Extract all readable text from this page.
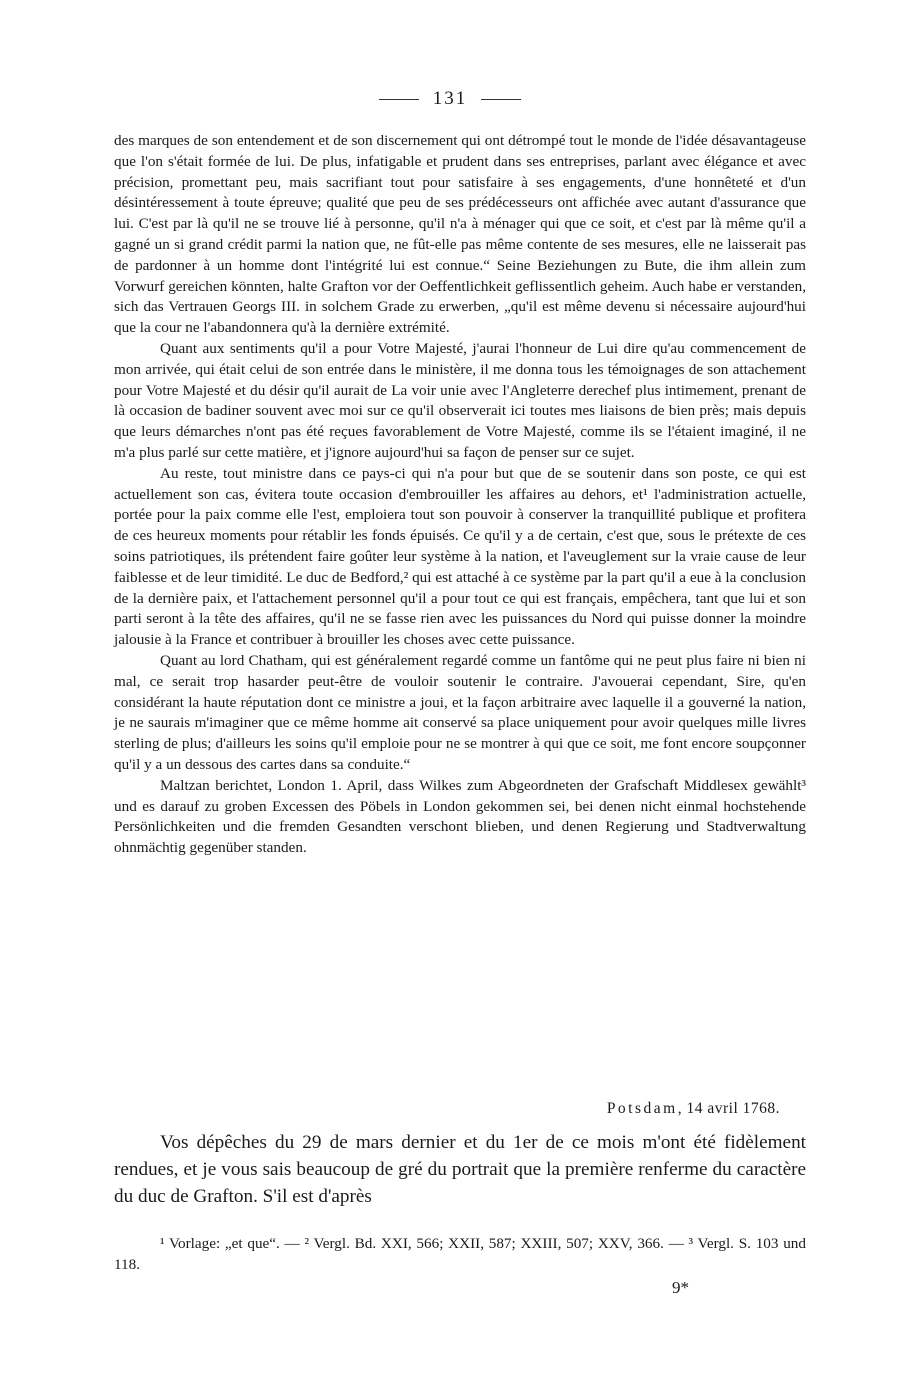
131

des marques de son entendement et de son discernement qui ont détrompé tout le monde de l'idée désavantageuse que l'on s'était formée de lui. De plus, infatigable et prudent dans ses entreprises, parlant avec élégance et avec précision, promettant peu, mais sacrifiant tout pour satisfaire à ses engagements, d'une honnêteté et d'un désintéressement à toute épreuve; qualité que peu de ses prédécesseurs ont affichée avec autant d'assurance que lui. C'est par là qu'il ne se trouve lié à personne, qu'il n'a à ménager qui que ce soit, et c'est par là même qu'il a gagné un si grand crédit parmi la nation que, ne fût-elle pas même contente de ses mesures, elle ne laisserait pas de pardonner à un homme dont l'intégrité lui est connue.“ Seine Beziehungen zu Bute, die ihm allein zum Vorwurf gereichen könnten, halte Grafton vor der Oeffentlichkeit geflissentlich geheim. Auch habe er verstanden, sich das Vertrauen Georgs III. in solchem Grade zu erwerben, „qu'il est même devenu si nécessaire aujourd'hui que la cour ne l'abandonnera qu'à la dernière extrémité.

Quant aux sentiments qu'il a pour Votre Majesté, j'aurai l'honneur de Lui dire qu'au commencement de mon arrivée, qui était celui de son entrée dans le ministère, il me donna tous les témoignages de son attachement pour Votre Majesté et du désir qu'il aurait de La voir unie avec l'Angleterre derechef plus intimement, prenant de là occasion de badiner souvent avec moi sur ce qu'il observerait ici toutes mes liaisons de bien près; mais depuis que leurs démarches n'ont pas été reçues favorablement de Votre Majesté, comme ils se l'étaient imaginé, il ne m'a plus parlé sur cette matière, et j'ignore aujourd'hui sa façon de penser sur ce sujet.

Au reste, tout ministre dans ce pays-ci qui n'a pour but que de se soutenir dans son poste, ce qui est actuellement son cas, évitera toute occasion d'embrouiller les affaires au dehors, et¹ l'administration actuelle, portée pour la paix comme elle l'est, emploiera tout son pouvoir à conserver la tranquillité publique et profitera de ces heureux moments pour rétablir les fonds épuisés. Ce qu'il y a de certain, c'est que, sous le prétexte de ces soins patriotiques, ils prétendent faire goûter leur système à la nation, et l'aveuglement sur la vraie cause de leur faiblesse et de leur timidité. Le duc de Bedford,² qui est attaché à ce système par la part qu'il a eue à la conclusion de la dernière paix, et l'attachement personnel qu'il a pour tout ce qui est français, empêchera, tant que lui et son parti seront à la tête des affaires, qu'il ne se fasse rien avec les puissances du Nord qui puisse donner la moindre jalousie à la France et contribuer à brouiller les choses avec cette puissance.

Quant au lord Chatham, qui est généralement regardé comme un fantôme qui ne peut plus faire ni bien ni mal, ce serait trop hasarder peut-être de vouloir soutenir le contraire. J'avouerai cependant, Sire, qu'en considérant la haute réputation dont ce ministre a joui, et la façon arbitraire avec laquelle il a gouverné la nation, je ne saurais m'imaginer que ce même homme ait conservé sa place uniquement pour avoir quelques mille livres sterling de plus; d'ailleurs les soins qu'il emploie pour ne se montrer à qui que ce soit, me font encore soupçonner qu'il y a un dessous des cartes dans sa conduite.“

Maltzan berichtet, London 1. April, dass Wilkes zum Abgeordneten der Grafschaft Middlesex gewählt³ und es darauf zu groben Excessen des Pöbels in London gekommen sei, bei denen nicht einmal hochstehende Persönlichkeiten und die fremden Gesandten verschont blieben, und denen Regierung und Stadtverwaltung ohnmächtig gegenüber standen.

Potsdam, 14 avril 1768.

Vos dépêches du 29 de mars dernier et du 1er de ce mois m'ont été fidèlement rendues, et je vous sais beaucoup de gré du portrait que la première renferme du caractère du duc de Grafton. S'il est d'après

¹ Vorlage: „et que“. — ² Vergl. Bd. XXI, 566; XXII, 587; XXIII, 507; XXV, 366. — ³ Vergl. S. 103 und 118.

9*
